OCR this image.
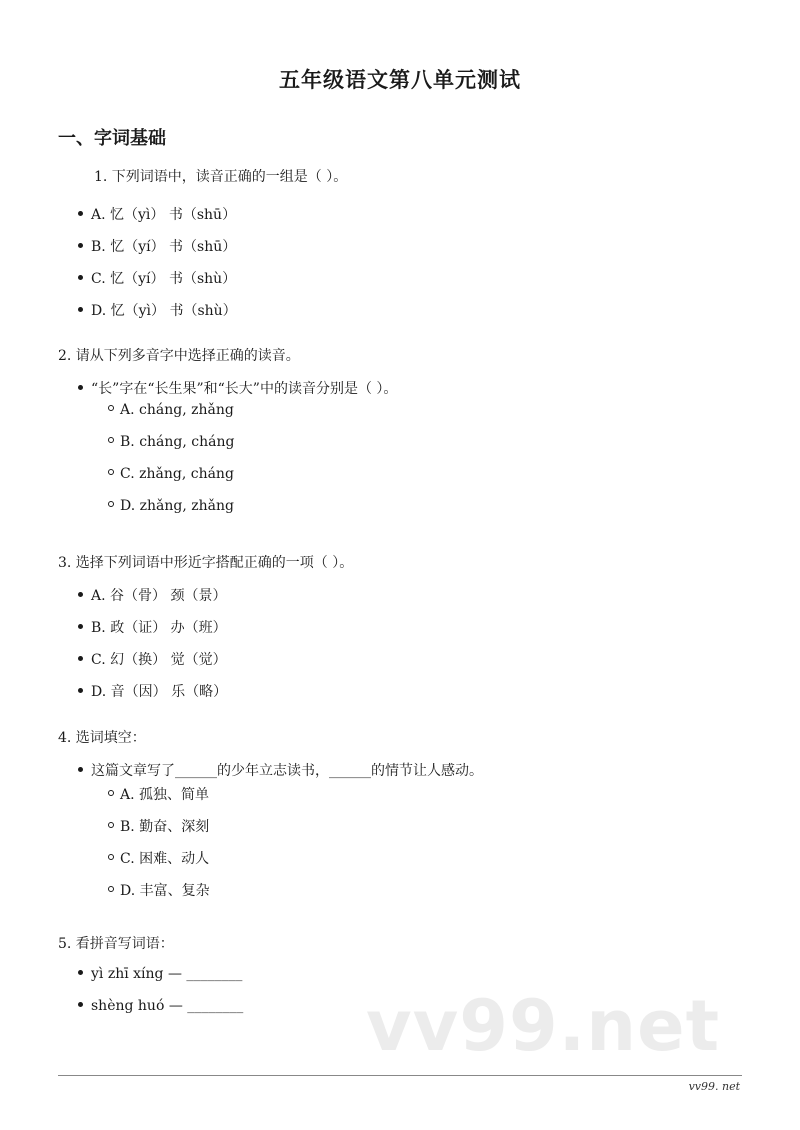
五年级语文第八单元测试
一、字词基础
1. 下列词语中，读音正确的一组是（ ）。
A. 忆（yì） 书（shū）
B. 忆（yí） 书（shū）
C. 忆（yí） 书（shù）
D. 忆（yì） 书（shù）
2. 请从下列多音字中选择正确的读音。
“长”字在“长生果”和“长大”中的读音分别是（ ）。
A. cháng, zhǎng
B. cháng, cháng
C. zhǎng, cháng
D. zhǎng, zhǎng
3. 选择下列词语中形近字搭配正确的一项（ ）。
A. 谷（骨） 颈（景）
B. 政（证） 办（班）
C. 幻（换） 觉（觉）
D. 音（因） 乐（略）
4. 选词填空：
这篇文章写了______的少年立志读书，______的情节让人感动。
A. 孤独、简单
B. 勤奋、深刻
C. 困难、动人
D. 丰富、复杂
5. 看拼音写词语：
yì zhī xíng — ________
shèng huó — ________ vv99.net
vv99. net
